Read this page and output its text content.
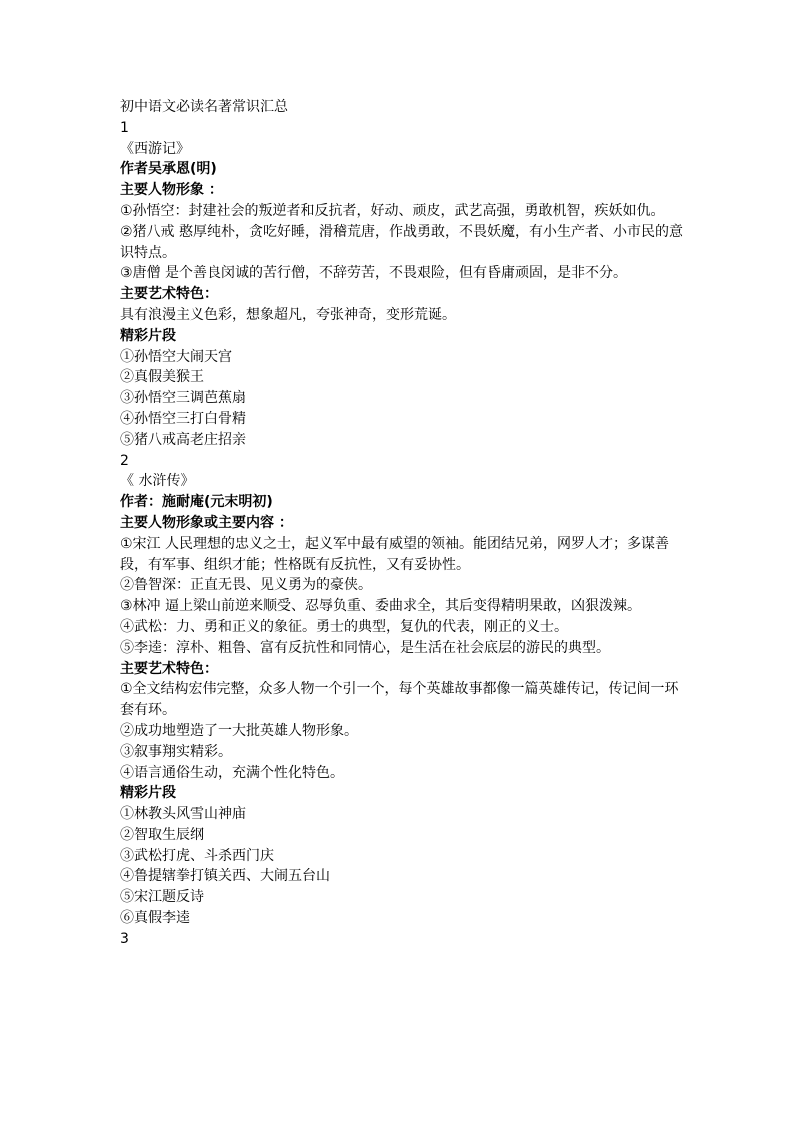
初中语文必读名著常识汇总
1
《西游记》
作者吴承恩(明)
主要人物形象 ：
①孙悟空：封建社会的叛逆者和反抗者，好动、顽皮，武艺高强，勇敢机智，疾妖如仇。
②猪八戒 憨厚纯朴，贪吃好睡，滑稽荒唐，作战勇敢，不畏妖魔，有小生产者、小市民的意识特点。
③唐僧 是个善良闵诚的苦行僧，不辞劳苦，不畏艰险，但有昏庸顽固，是非不分。
主要艺术特色：
具有浪漫主义色彩，想象超凡，夸张神奇，变形荒诞。
精彩片段
①孙悟空大闹天宫
②真假美猴王
③孙悟空三调芭蕉扇
④孙悟空三打白骨精
⑤猪八戒高老庄招亲
2
《 水浒传》
作者：施耐庵(元末明初)
主要人物形象或主要内容 ：
①宋江 人民理想的忠义之士，起义军中最有威望的领袖。能团结兄弟，网罗人才；多谋善段，有军事、组织才能；性格既有反抗性，又有妥协性。
②鲁智深：正直无畏、见义勇为的豪侠。
③林冲 逼上梁山前逆来顺受、忍辱负重、委曲求全，其后变得精明果敢，凶狠泼辣。
④武松：力、勇和正义的象征。勇士的典型，复仇的代表，刚正的义士。
⑤李逵：淳朴、粗鲁、富有反抗性和同情心，是生活在社会底层的游民的典型。
主要艺术特色：
①全文结构宏伟完整，众多人物一个引一个，每个英雄故事都像一篇英雄传记，传记间一环套有环。
②成功地塑造了一大批英雄人物形象。
③叙事翔实精彩。
④语言通俗生动，充满个性化特色。
精彩片段
①林教头风雪山神庙
②智取生辰纲
③武松打虎、斗杀西门庆
④鲁提辖拳打镇关西、大闹五台山
⑤宋江题反诗
⑥真假李逵
3
